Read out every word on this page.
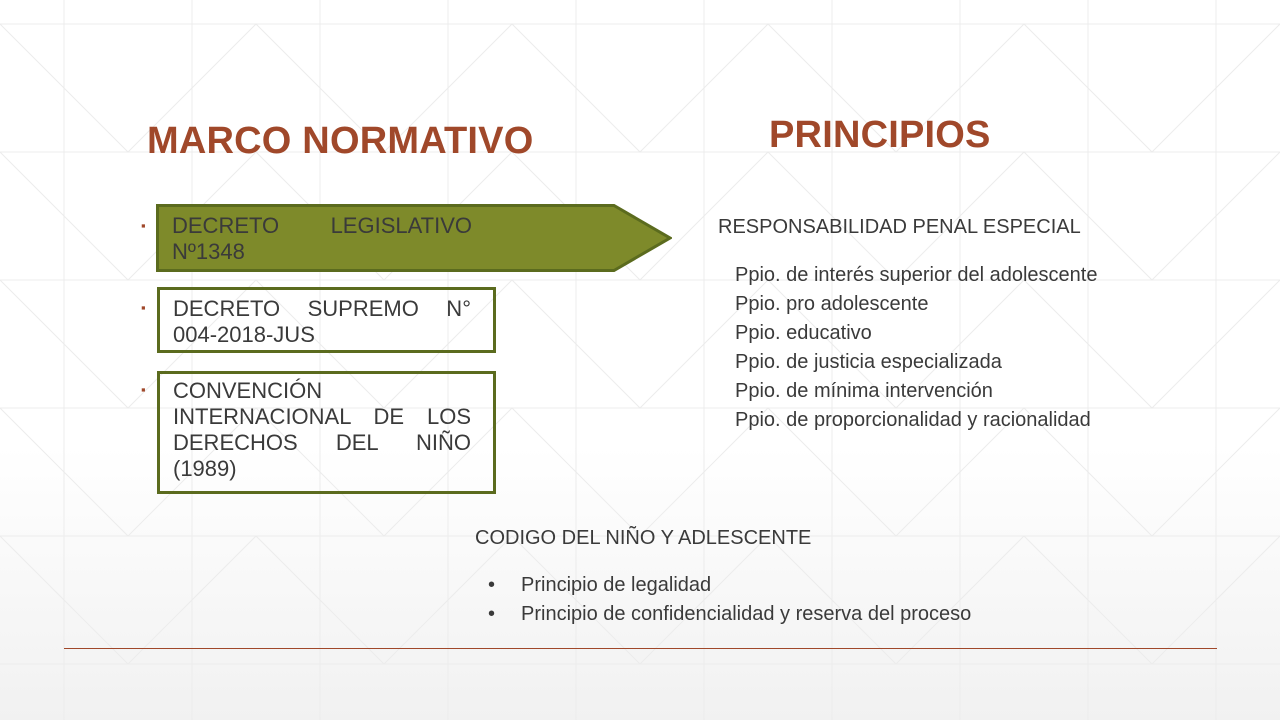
MARCO NORMATIVO	PRINCIPIOS
▪ DECRETO LEGISLATIVO Nº1348
▪ DECRETO SUPREMO N° 004-2018-JUS
▪ CONVENCIÓN INTERNACIONAL DE LOS DERECHOS DEL NIÑO (1989)
RESPONSABILIDAD PENAL ESPECIAL
Ppio. de interés superior del adolescente
Ppio. pro adolescente
Ppio. educativo
Ppio. de justicia especializada
Ppio. de mínima intervención
Ppio. de proporcionalidad y racionalidad
CODIGO DEL NIÑO Y ADLESCENTE
• Principio de legalidad
• Principio de confidencialidad y reserva del proceso
